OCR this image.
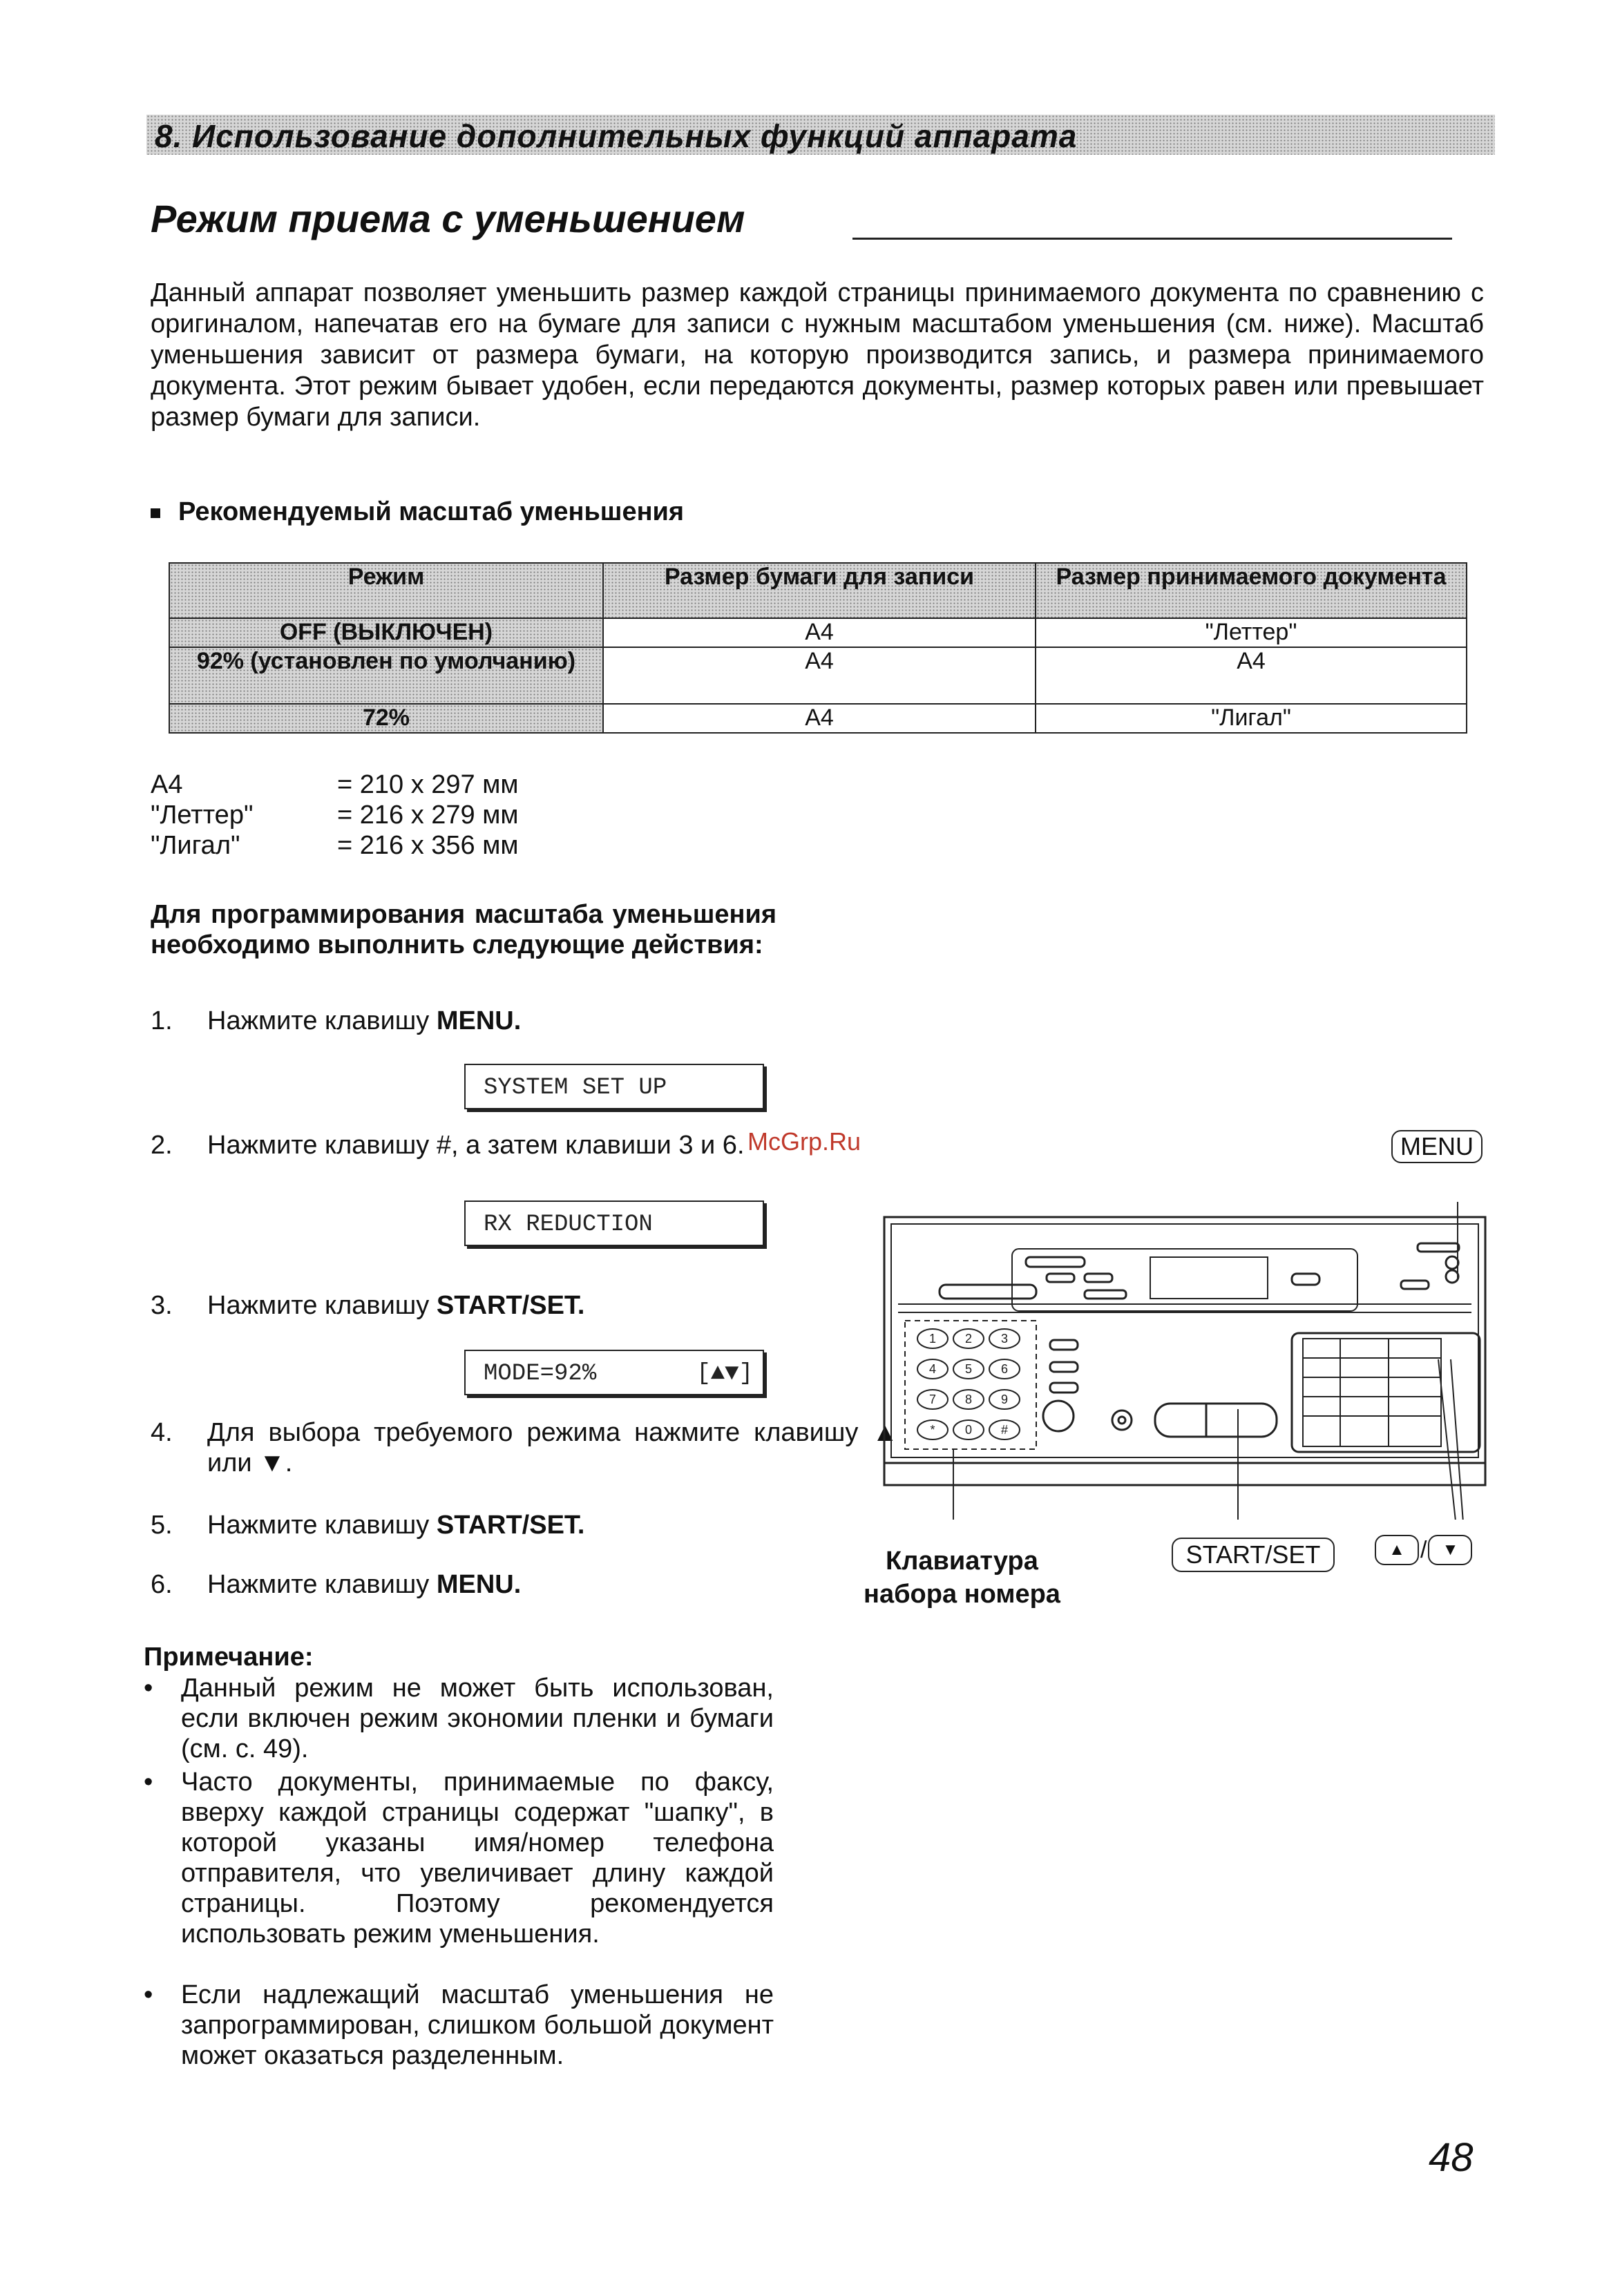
8. Использование дополнительных функций аппарата
Режим приема с уменьшением
Данный аппарат позволяет уменьшить размер каждой страницы принимаемого документа по сравнению с оригиналом, напечатав его на бумаге для записи с нужным масштабом уменьшения (см. ниже). Масштаб уменьшения зависит от размера бумаги, на которую производится запись, и размера принимаемого документа. Этот режим бывает удобен, если передаются документы, размер которых равен или превышает размер бумаги для записи.
Рекомендуемый масштаб уменьшения
Режим	Размер бумаги для записи	Размер принимаемого документа
OFF (ВЫКЛЮЧЕН)	A4	"Леттер"
92% (установлен по умолчанию)	A4	A4
72%	A4	"Лигал"
A4	= 210 x 297 мм
"Леттер"	= 216 x 279 мм
"Лигал"	= 216 x 356 мм
Для программирования масштаба уменьшения необходимо выполнить следующие действия:
1. Нажмите клавишу MENU.
SYSTEM SET UP
2. Нажмите клавишу #, а затем клавиши 3 и 6.
RX REDUCTION
3. Нажмите клавишу START/SET.
MODE=92%	[▲▼]
4. Для выбора требуемого режима нажмите клавишу ▲ или ▼.
5. Нажмите клавишу START/SET.
6. Нажмите клавишу MENU.
Примечание:
• Данный режим не может быть использован, если включен режим экономии пленки и бумаги (см. с. 49).
• Часто документы, принимаемые по факсу, вверху каждой страницы содержат "шапку", в которой указаны имя/номер телефона отправителя, что увеличивает длину каждой страницы. Поэтому рекомендуется использовать режим уменьшения.
• Если надлежащий масштаб уменьшения не запрограммирован, слишком большой документ может оказаться разделенным.
McGrp.Ru
1 2 3
4 5 6
7 8 9
* 0 #
MENU
START/SET	▲ / ▼
Клавиатура
набора номера
48
